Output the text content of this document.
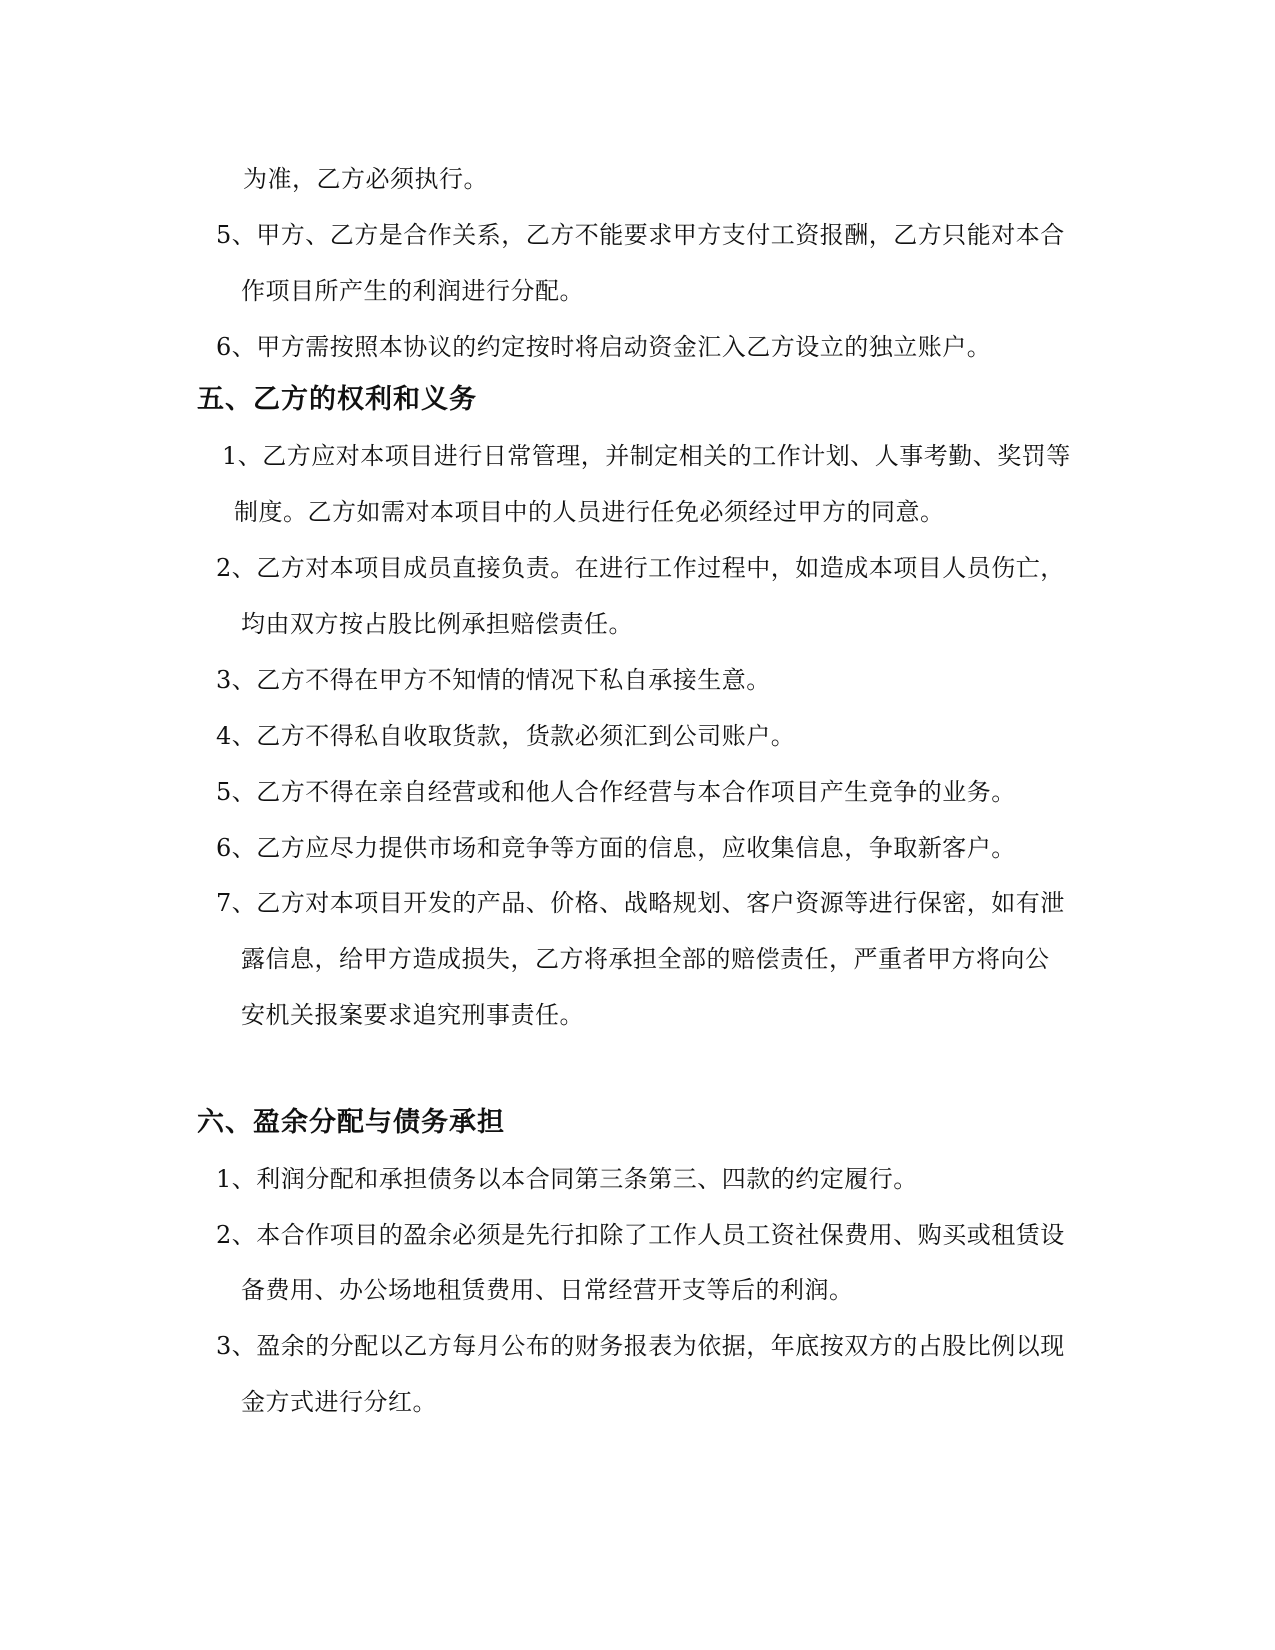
为准，乙方必须执行。
5、甲方、乙方是合作关系，乙方不能要求甲方支付工资报酬，乙方只能对本合
作项目所产生的利润进行分配。
6、甲方需按照本协议的约定按时将启动资金汇入乙方设立的独立账户。
五、乙方的权利和义务
1、乙方应对本项目进行日常管理，并制定相关的工作计划、人事考勤、奖罚等
制度。乙方如需对本项目中的人员进行任免必须经过甲方的同意。
2、乙方对本项目成员直接负责。在进行工作过程中，如造成本项目人员伤亡，
均由双方按占股比例承担赔偿责任。
3、乙方不得在甲方不知情的情况下私自承接生意。
4、乙方不得私自收取货款，货款必须汇到公司账户。
5、乙方不得在亲自经营或和他人合作经营与本合作项目产生竞争的业务。
6、乙方应尽力提供市场和竞争等方面的信息，应收集信息，争取新客户。
7、乙方对本项目开发的产品、价格、战略规划、客户资源等进行保密，如有泄
露信息，给甲方造成损失，乙方将承担全部的赔偿责任，严重者甲方将向公
安机关报案要求追究刑事责任。
六、盈余分配与债务承担
1、利润分配和承担债务以本合同第三条第三、四款的约定履行。
2、本合作项目的盈余必须是先行扣除了工作人员工资社保费用、购买或租赁设
备费用、办公场地租赁费用、日常经营开支等后的利润。
3、盈余的分配以乙方每月公布的财务报表为依据，年底按双方的占股比例以现
金方式进行分红。
